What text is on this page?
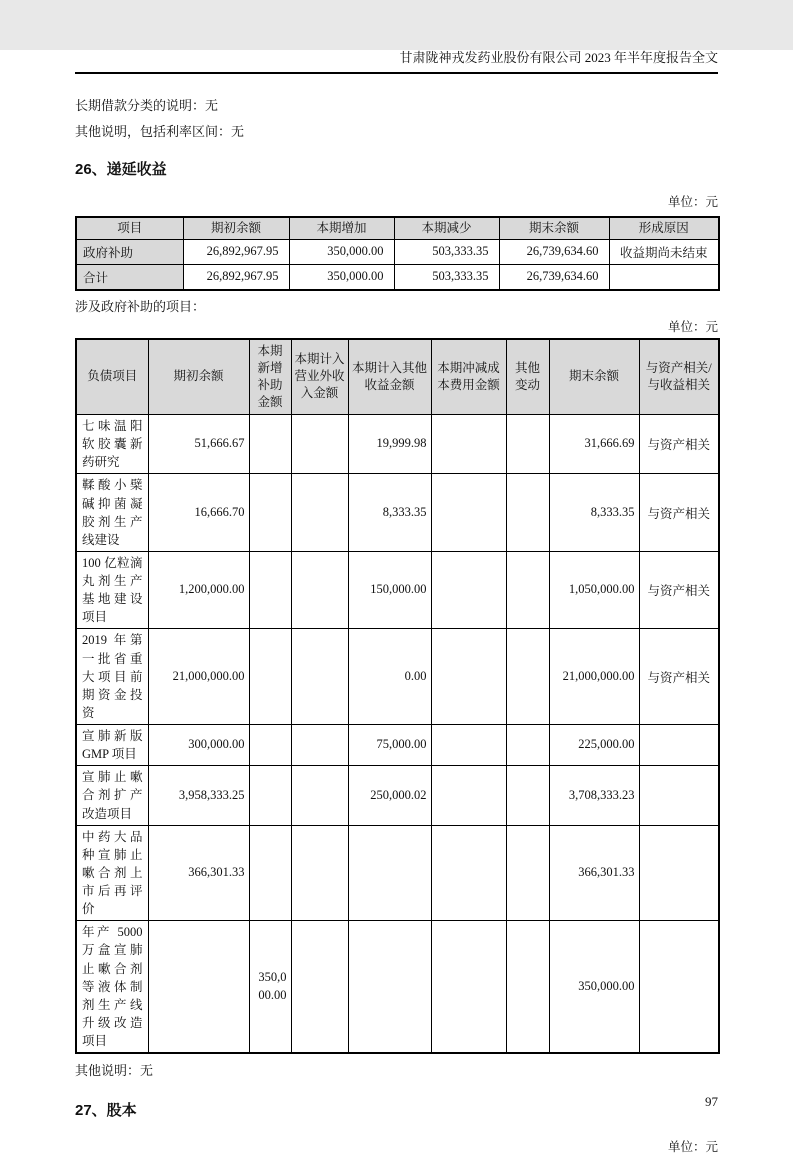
甘肃陇神戎发药业股份有限公司 2023 年半年度报告全文

长期借款分类的说明：无

其他说明，包括利率区间：无

26、递延收益

单位：元
项目	期初余额	本期增加	本期减少	期末余额	形成原因
政府补助	26,892,967.95	350,000.00	503,333.35	26,739,634.60	收益期尚未结束
合计	26,892,967.95	350,000.00	503,333.35	26,739,634.60	

涉及政府补助的项目：

单位：元
负债项目	期初余额	本期新增补助金额	本期计入营业外收入金额	本期计入其他收益金额	本期冲减成本费用金额	其他变动	期末余额	与资产相关/与收益相关
七味温阳软胶囊新药研究	51,666.67			19,999.98			31,666.69	与资产相关
鞣酸小檗碱抑菌凝胶剂生产线建设	16,666.70			8,333.35			8,333.35	与资产相关
100 亿粒滴丸剂生产基地建设项目	1,200,000.00			150,000.00			1,050,000.00	与资产相关
2019 年第一批省重大项目前期资金投资	21,000,000.00			0.00			21,000,000.00	与资产相关
宣肺新版 GMP 项目	300,000.00			75,000.00			225,000.00	
宣肺止嗽合剂扩产改造项目	3,958,333.25			250,000.02			3,708,333.23	
中药大品种宣肺止嗽合剂上市后再评价	366,301.33						366,301.33	
年产 5000 万盒宣肺止嗽合剂等液体制剂生产线升级改造项目		350,000.00					350,000.00	

其他说明：无

27、股本

单位：元
97
